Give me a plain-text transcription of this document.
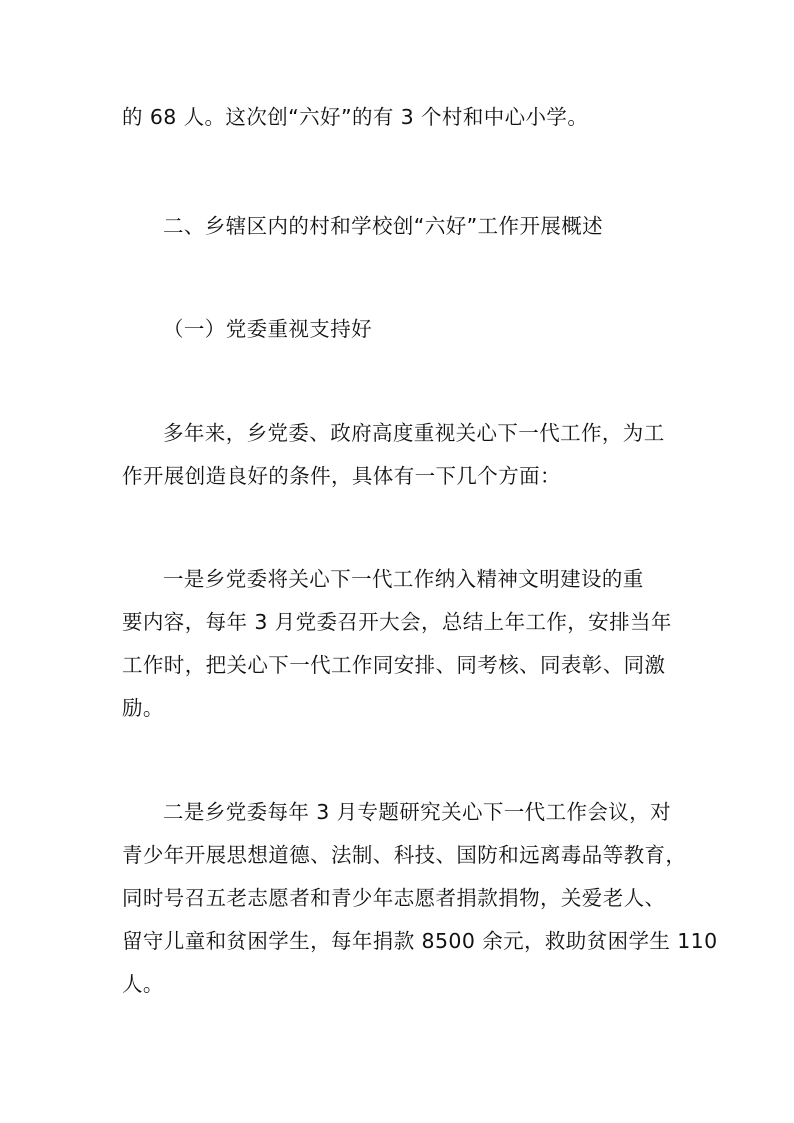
的 68 人。这次创“六好”的有 3 个村和中心小学。
二、乡辖区内的村和学校创“六好”工作开展概述
（一）党委重视支持好
多年来，乡党委、政府高度重视关心下一代工作，为工
作开展创造良好的条件，具体有一下几个方面：
一是乡党委将关心下一代工作纳入精神文明建设的重
要内容，每年 3 月党委召开大会，总结上年工作，安排当年
工作时，把关心下一代工作同安排、同考核、同表彰、同激
励。
二是乡党委每年 3 月专题研究关心下一代工作会议，对
青少年开展思想道德、法制、科技、国防和远离毒品等教育，
同时号召五老志愿者和青少年志愿者捐款捐物，关爱老人、
留守儿童和贫困学生，每年捐款 8500 余元，救助贫困学生 110
人。
